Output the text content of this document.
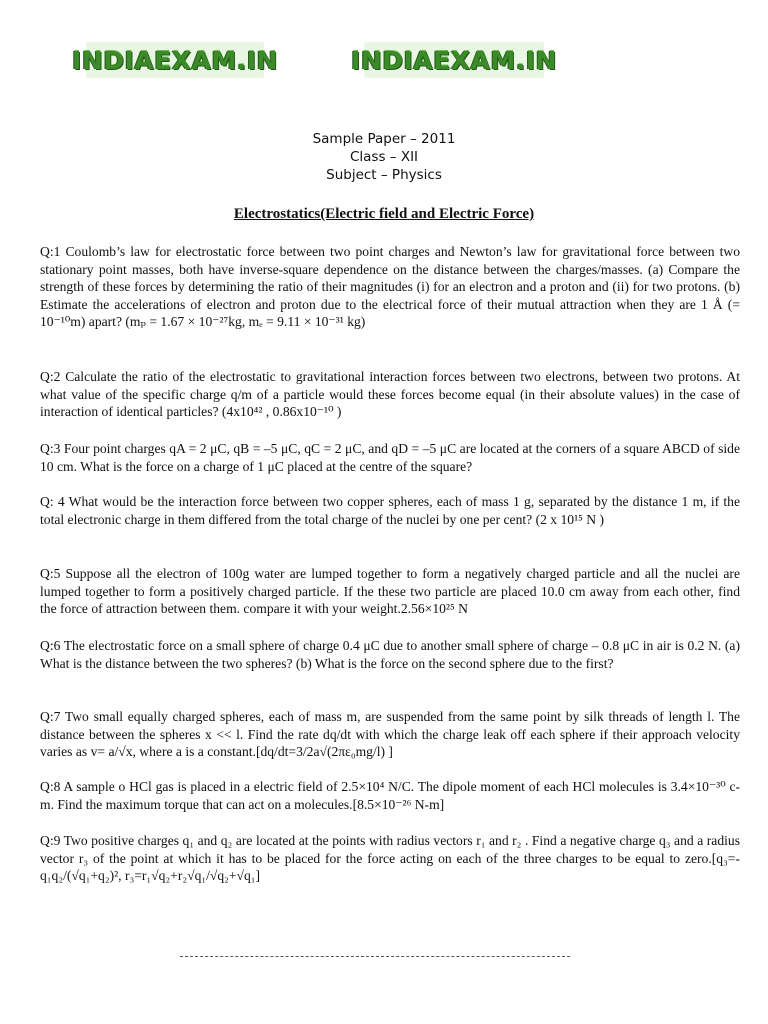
INDIAEXAM.IN	INDIAEXAM.IN
Sample Paper – 2011
Class – XII
Subject – Physics
Electrostatics(Electric field and Electric Force)
Q:1 Coulomb’s law for electrostatic force between two point charges and Newton’s law for gravitational force between two stationary point masses, both have inverse-square dependence on the distance between the charges/masses. (a) Compare the strength of these forces by determining the ratio of their magnitudes (i) for an electron and a proton and (ii) for two protons. (b) Estimate the accelerations of electron and proton due to the electrical force of their mutual attraction when they are 1 Å (= 10⁻¹⁰m) apart? (mₚ = 1.67 × 10⁻²⁷kg, mₑ = 9.11 × 10⁻³¹ kg)
Q:2 Calculate the ratio of the electrostatic to gravitational interaction forces between two electrons, between two protons. At what value of the specific charge q/m of a particle would these forces become equal (in their absolute values) in the case of interaction of identical particles? (4x10⁴² , 0.86x10⁻¹⁰ )
Q:3 Four point charges qA = 2 μC, qB = –5 μC, qC = 2 μC, and qD = –5 μC are located at the corners of a square ABCD of side 10 cm. What is the force on a charge of 1 μC placed at the centre of the square?
Q: 4 What would be the interaction force between two copper spheres, each of mass 1 g, separated by the distance 1 m, if the total electronic charge in them differed from the total charge of the nuclei by one per cent? (2 x 10¹⁵ N )
Q:5 Suppose all the electron of 100g water are lumped together to form a negatively charged particle and all the nuclei are lumped together to form a positively charged particle. If the these two particle are placed 10.0 cm away from each other, find the force of attraction between them. compare it with your weight.2.56×10²⁵ N
Q:6 The electrostatic force on a small sphere of charge 0.4 μC due to another small sphere of charge – 0.8 μC in air is 0.2 N. (a) What is the distance between the two spheres? (b) What is the force on the second sphere due to the first?
Q:7 Two small equally charged spheres, each of mass m, are suspended from the same point by silk threads of length l. The distance between the spheres x << l. Find the rate dq/dt with which the charge leak off each sphere if their approach velocity varies as v= a/√x, where a is a constant.[dq/dt=3/2a√(2πε₀mg/l) ]
Q:8 A sample o HCl gas is placed in a electric field of 2.5×10⁴ N/C. The dipole moment of each HCl molecules is 3.4×10⁻³⁰ c-m. Find the maximum torque that can act on a molecules.[8.5×10⁻²⁶ N-m]
Q:9 Two positive charges q₁ and q₂ are located at the points with radius vectors r₁ and r₂ . Find a negative charge q₃ and a radius vector r₃ of the point at which it has to be placed for the force acting on each of the three charges to be equal to zero.[q₃=-q₁q₂/(√q₁+q₂)², r₃=r₁√q₂+r₂√q₁/√q₂+√q₁]
